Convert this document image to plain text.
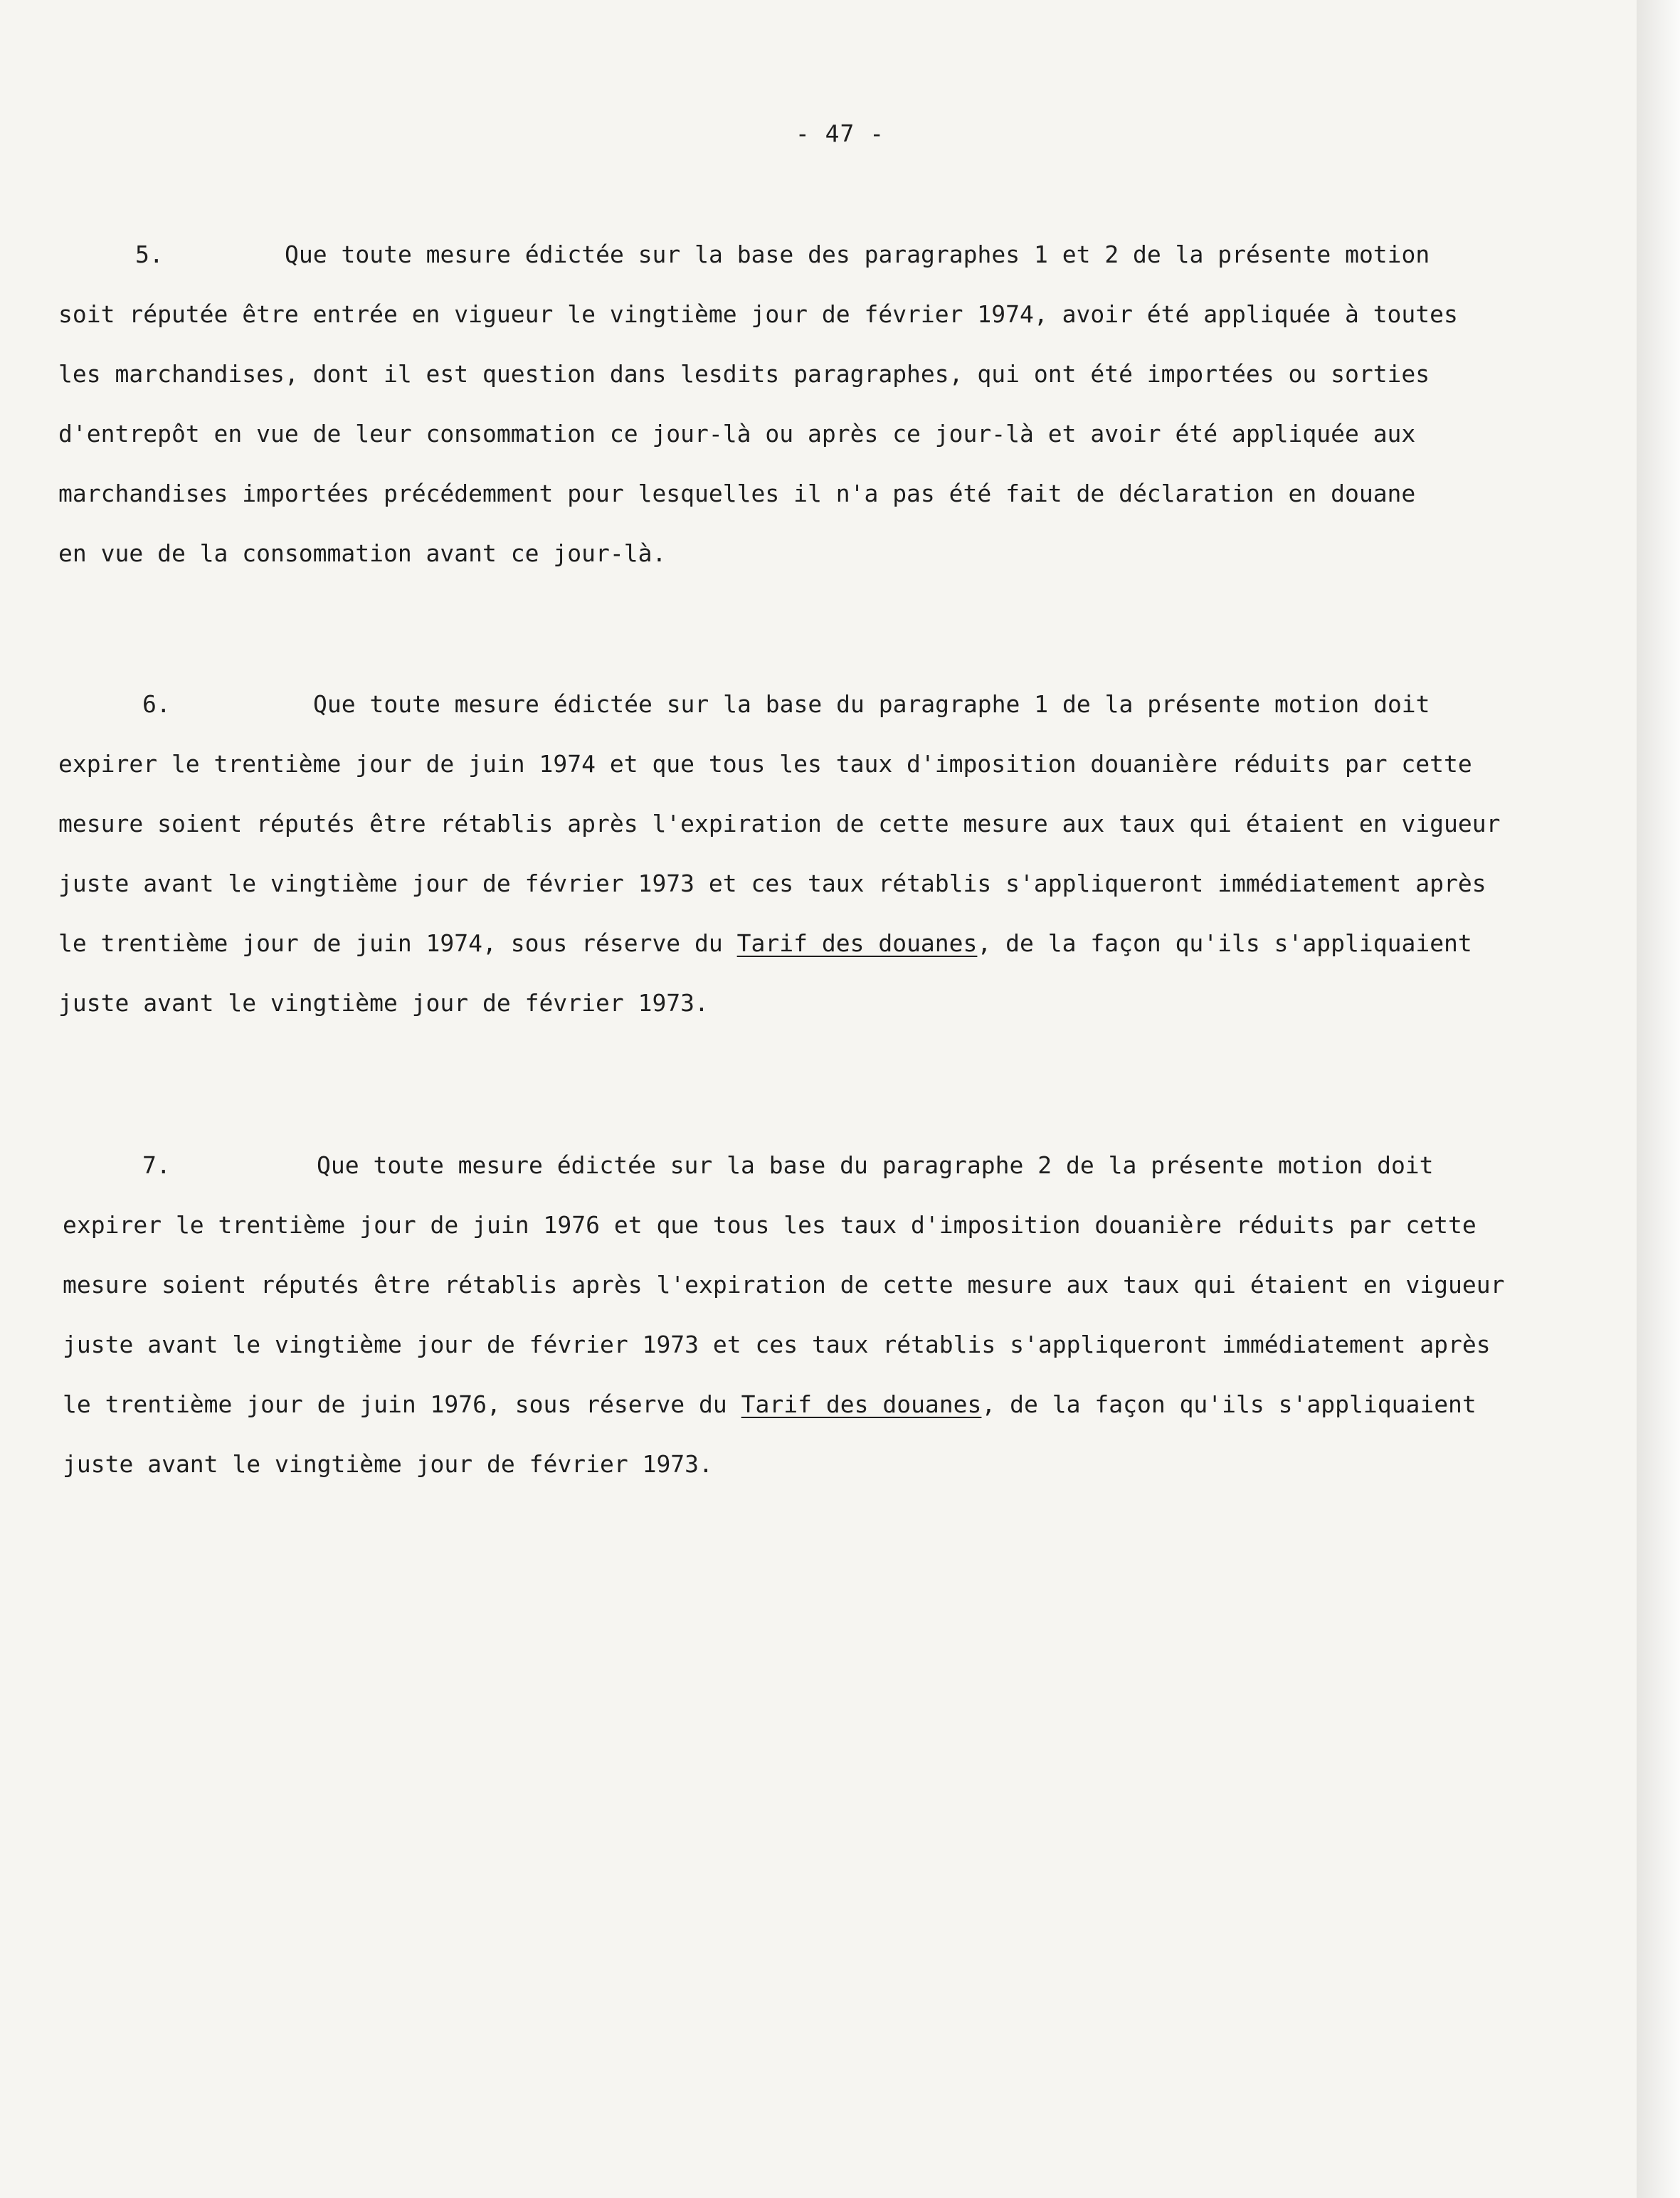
- 47 -
5.	Que toute mesure édictée sur la base des paragraphes 1 et 2 de la présente motion
soit réputée être entrée en vigueur le vingtième jour de février 1974, avoir été appliquée à toutes
les marchandises, dont il est question dans lesdits paragraphes, qui ont été importées ou sorties
d'entrepôt en vue de leur consommation ce jour-là ou après ce jour-là et avoir été appliquée aux
marchandises importées précédemment pour lesquelles il n'a pas été fait de déclaration en douane
en vue de la consommation avant ce jour-là.
6.	Que toute mesure édictée sur la base du paragraphe 1 de la présente motion doit
expirer le trentième jour de juin 1974 et que tous les taux d'imposition douanière réduits par cette
mesure soient réputés être rétablis après l'expiration de cette mesure aux taux qui étaient en vigueur
juste avant le vingtième jour de février 1973 et ces taux rétablis s'appliqueront immédiatement après
le trentième jour de juin 1974, sous réserve du Tarif des douanes, de la façon qu'ils s'appliquaient
juste avant le vingtième jour de février 1973.
7.	Que toute mesure édictée sur la base du paragraphe 2 de la présente motion doit
expirer le trentième jour de juin 1976 et que tous les taux d'imposition douanière réduits par cette
mesure soient réputés être rétablis après l'expiration de cette mesure aux taux qui étaient en vigueur
juste avant le vingtième jour de février 1973 et ces taux rétablis s'appliqueront immédiatement après
le trentième jour de juin 1976, sous réserve du Tarif des douanes, de la façon qu'ils s'appliquaient
juste avant le vingtième jour de février 1973.
